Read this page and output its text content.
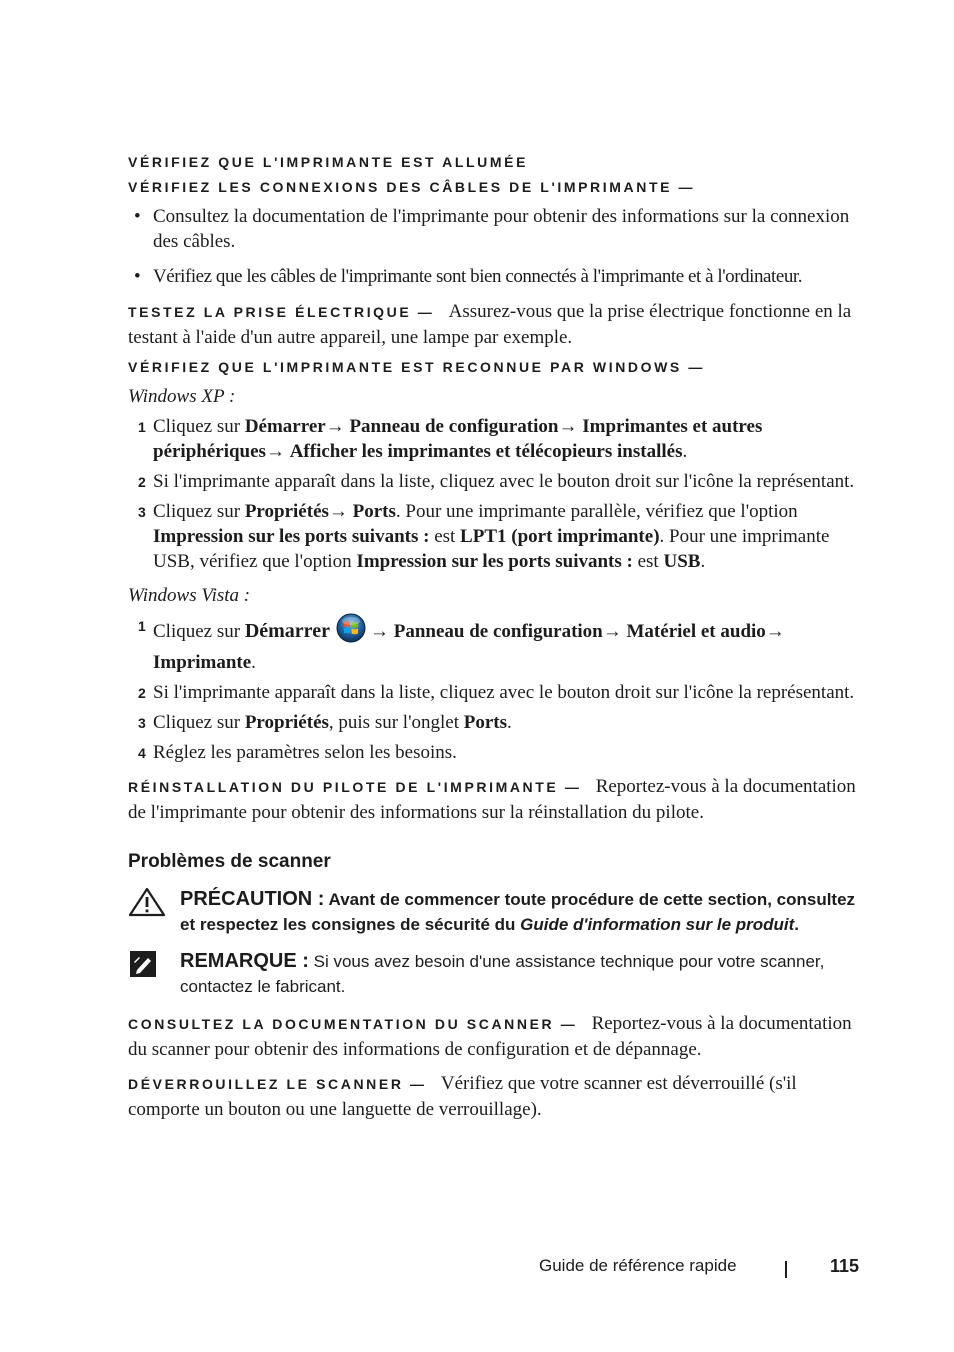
VÉRIFIEZ QUE L'IMPRIMANTE EST ALLUMÉE
VÉRIFIEZ LES CONNEXIONS DES CÂBLES DE L'IMPRIMANTE —
• Consultez la documentation de l'imprimante pour obtenir des informations sur la connexion des câbles.
• Vérifiez que les câbles de l'imprimante sont bien connectés à l'imprimante et à l'ordinateur.

TESTEZ LA PRISE ÉLECTRIQUE — Assurez-vous que la prise électrique fonctionne en la testant à l'aide d'un autre appareil, une lampe par exemple.

VÉRIFIEZ QUE L'IMPRIMANTE EST RECONNUE PAR WINDOWS —

Windows XP :

1 Cliquez sur Démarrer→ Panneau de configuration→ Imprimantes et autres périphériques→ Afficher les imprimantes et télécopieurs installés.
2 Si l'imprimante apparaît dans la liste, cliquez avec le bouton droit sur l'icône la représentant.
3 Cliquez sur Propriétés→ Ports. Pour une imprimante parallèle, vérifiez que l'option Impression sur les ports suivants : est LPT1 (port imprimante). Pour une imprimante USB, vérifiez que l'option Impression sur les ports suivants : est USB.

Windows Vista :

1 Cliquez sur Démarrer → Panneau de configuration→ Matériel et audio→ Imprimante.
2 Si l'imprimante apparaît dans la liste, cliquez avec le bouton droit sur l'icône la représentant.
3 Cliquez sur Propriétés, puis sur l'onglet Ports.
4 Réglez les paramètres selon les besoins.

RÉINSTALLATION DU PILOTE DE L'IMPRIMANTE — Reportez-vous à la documentation de l'imprimante pour obtenir des informations sur la réinstallation du pilote.

Problèmes de scanner
PRÉCAUTION : Avant de commencer toute procédure de cette section, consultez et respectez les consignes de sécurité du Guide d'information sur le produit.
REMARQUE : Si vous avez besoin d'une assistance technique pour votre scanner, contactez le fabricant.

CONSULTEZ LA DOCUMENTATION DU SCANNER — Reportez-vous à la documentation du scanner pour obtenir des informations de configuration et de dépannage.

DÉVERROUILLEZ LE SCANNER — Vérifiez que votre scanner est déverrouillé (s'il comporte un bouton ou une languette de verrouillage).

Guide de référence rapide	115
